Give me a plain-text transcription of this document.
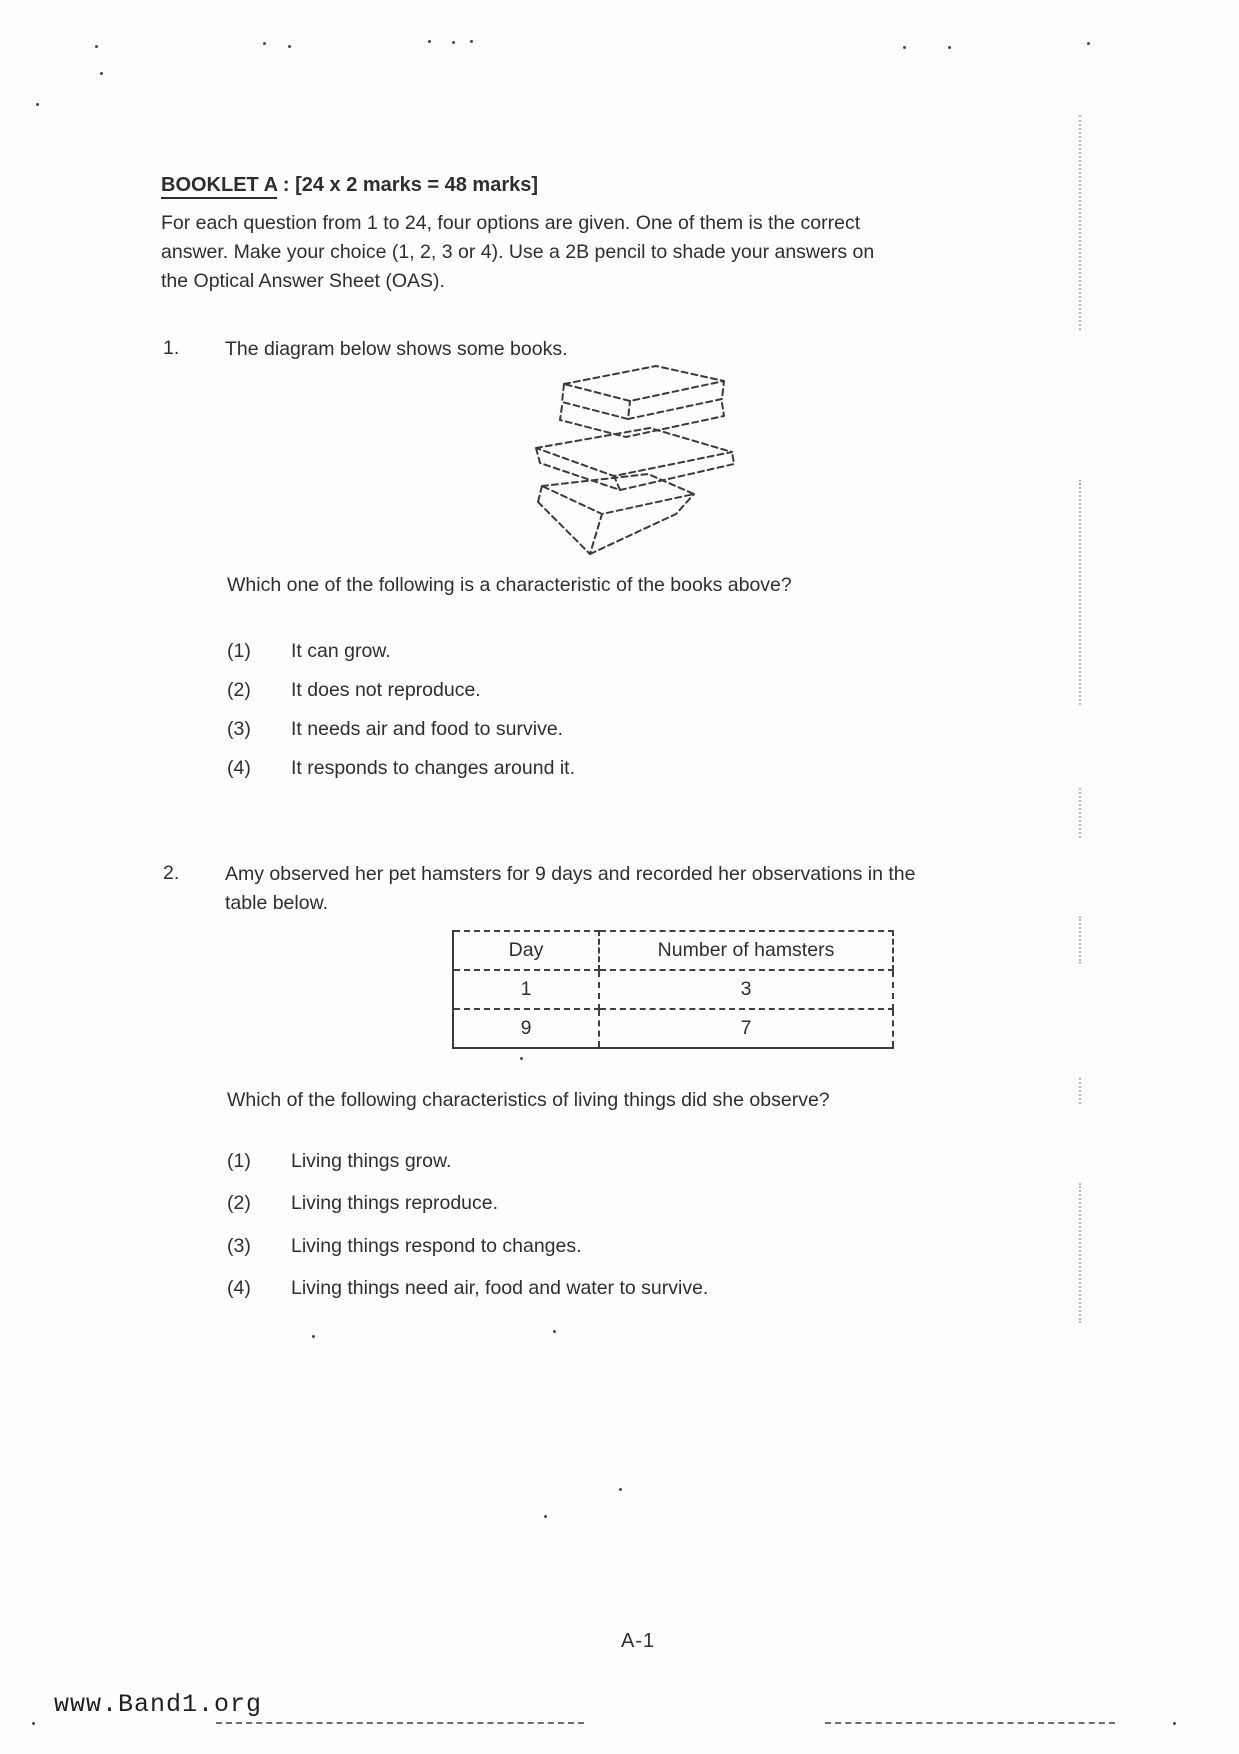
BOOKLET A : [24 x 2 marks = 48 marks]
For each question from 1 to 24, four options are given. One of them is the correct
answer. Make your choice (1, 2, 3 or 4). Use a 2B pencil to shade your answers on
the Optical Answer Sheet (OAS).
1. The diagram below shows some books.
Which one of the following is a characteristic of the books above?
(1) It can grow.
(2) It does not reproduce.
(3) It needs air and food to survive.
(4) It responds to changes around it.
2. Amy observed her pet hamsters for 9 days and recorded her observations in the
table below.
Day	Number of hamsters
1	3
9	7
Which of the following characteristics of living things did she observe?
(1) Living things grow.
(2) Living things reproduce.
(3) Living things respond to changes.
(4) Living things need air, food and water to survive.
A-1
www.Band1.org
